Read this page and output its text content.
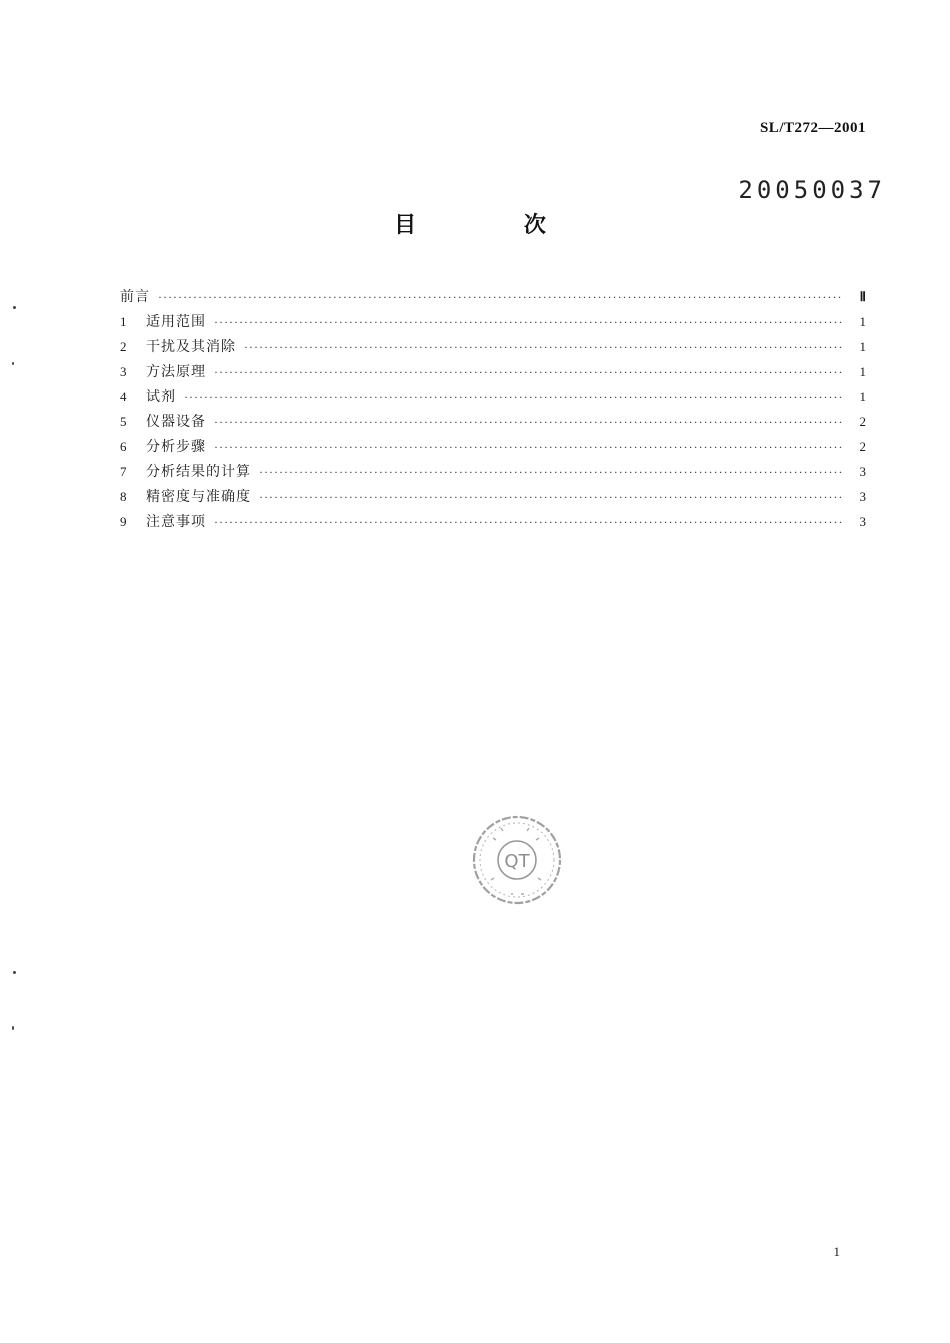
SL/T272—2001
20050037
目 次
前言 ·····	Ⅱ
1	适用范围 ·····	1
2	干扰及其消除 ·····	1
3	方法原理 ·····	1
4	试剂 ·····	1
5	仪器设备 ·····	2
6	分析步骤 ·····	2
7	分析结果的计算 ·····	3
8	精密度与准确度 ·····	3
9	注意事项 ·····	3
QT
1
